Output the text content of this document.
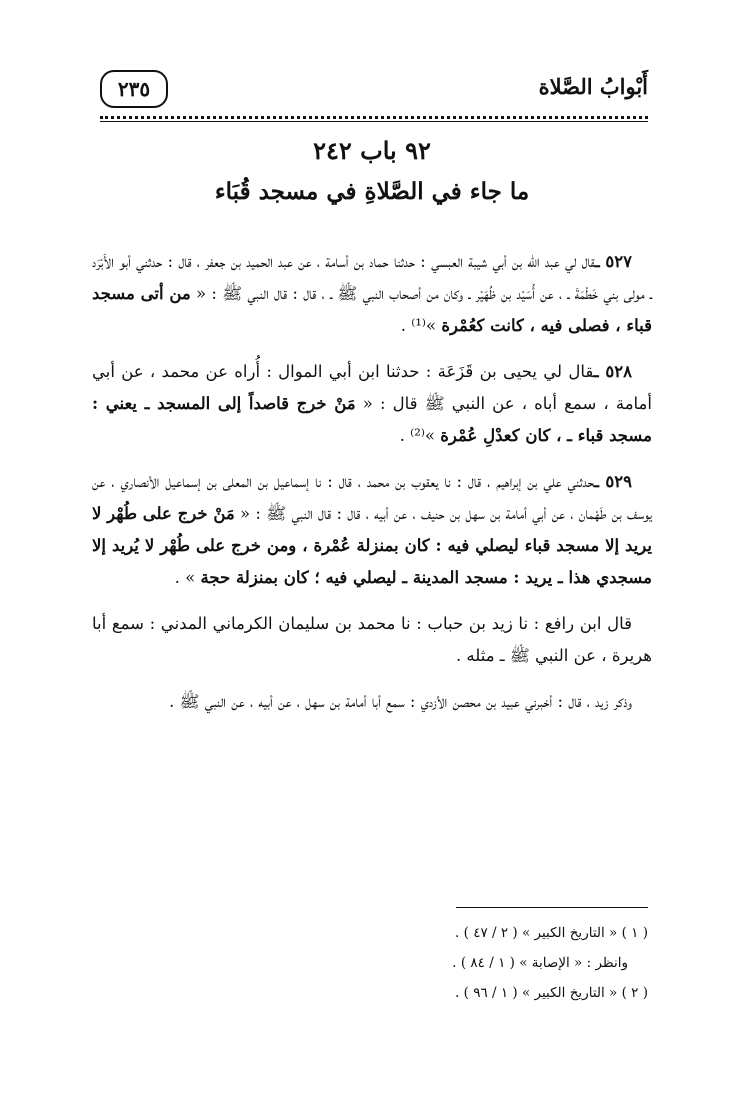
أَبْوابُ الصَّلاة
٢٣٥
٩٢ باب ٢٤٢
ما جاء في الصَّلاةِ في مسجد قُبَاء

٥٢٧ ـقال لي عبد الله بن أبي شيبة العبسي : حدثنا حماد بن أسامة ، عن عبد الحميد بن جعفر ، قال : حدثني أبو الأَبْرَد ـ مولى بني خَطْمَةَ ـ ، عن أُسَيْد بن ظُهَيْر ـ وكان من أصحاب النبي ﷺ ـ ، قال : قال النبي ﷺ : « من أتى مسجد قباء ، فصلى فيه ، كانت كعُمْرة »⁽¹⁾ .

٥٢٨ ـقال لي يحيى بن قَزَعَة : حدثنا ابن أبي الموال : أُراه عن محمد ، عن أبي أمامة ، سمع أباه ، عن النبي ﷺ قال : « مَنْ خرج قاصداً إلى المسجد ـ يعني : مسجد قباء ـ ، كان كعدْلِ عُمْرة »⁽²⁾ .

٥٢٩ ـحدثني علي بن إبراهيم ، قال : نا يعقوب بن محمد ، قال : نا إسماعيل بن المعلى بن إسماعيل الأنصاري ، عن يوسف بن طَهْمان ، عن أبي أمامة بن سهل بن حنيف ، عن أبيه ، قال : قال النبي ﷺ : « مَنْ خرج على طُهْر لا يريد إلا مسجد قباء ليصلي فيه : كان بمنزلة عُمْرة ، ومن خرج على طُهْر لا يُريد إلا مسجدي هذا ـ يريد : مسجد المدينة ـ ليصلي فيه ؛ كان بمنزلة حجة » .

قال ابن رافع : نا زيد بن حباب : نا محمد بن سليمان الكرماني المدني : سمع أبا هريرة ، عن النبي ﷺ ـ مثله .

وذكر زيد ، قال : أخبرني عبيد بن محصن الأزدي : سمع أبا أمامة بن سهل ، عن أبيه ، عن النبي ﷺ .

( ١ ) « التاريخ الكبير » ( ٢ / ٤٧ ) .
وانظر : « الإصابة » ( ١ / ٨٤ ) .
( ٢ ) « التاريخ الكبير » ( ١ / ٩٦ ) .
